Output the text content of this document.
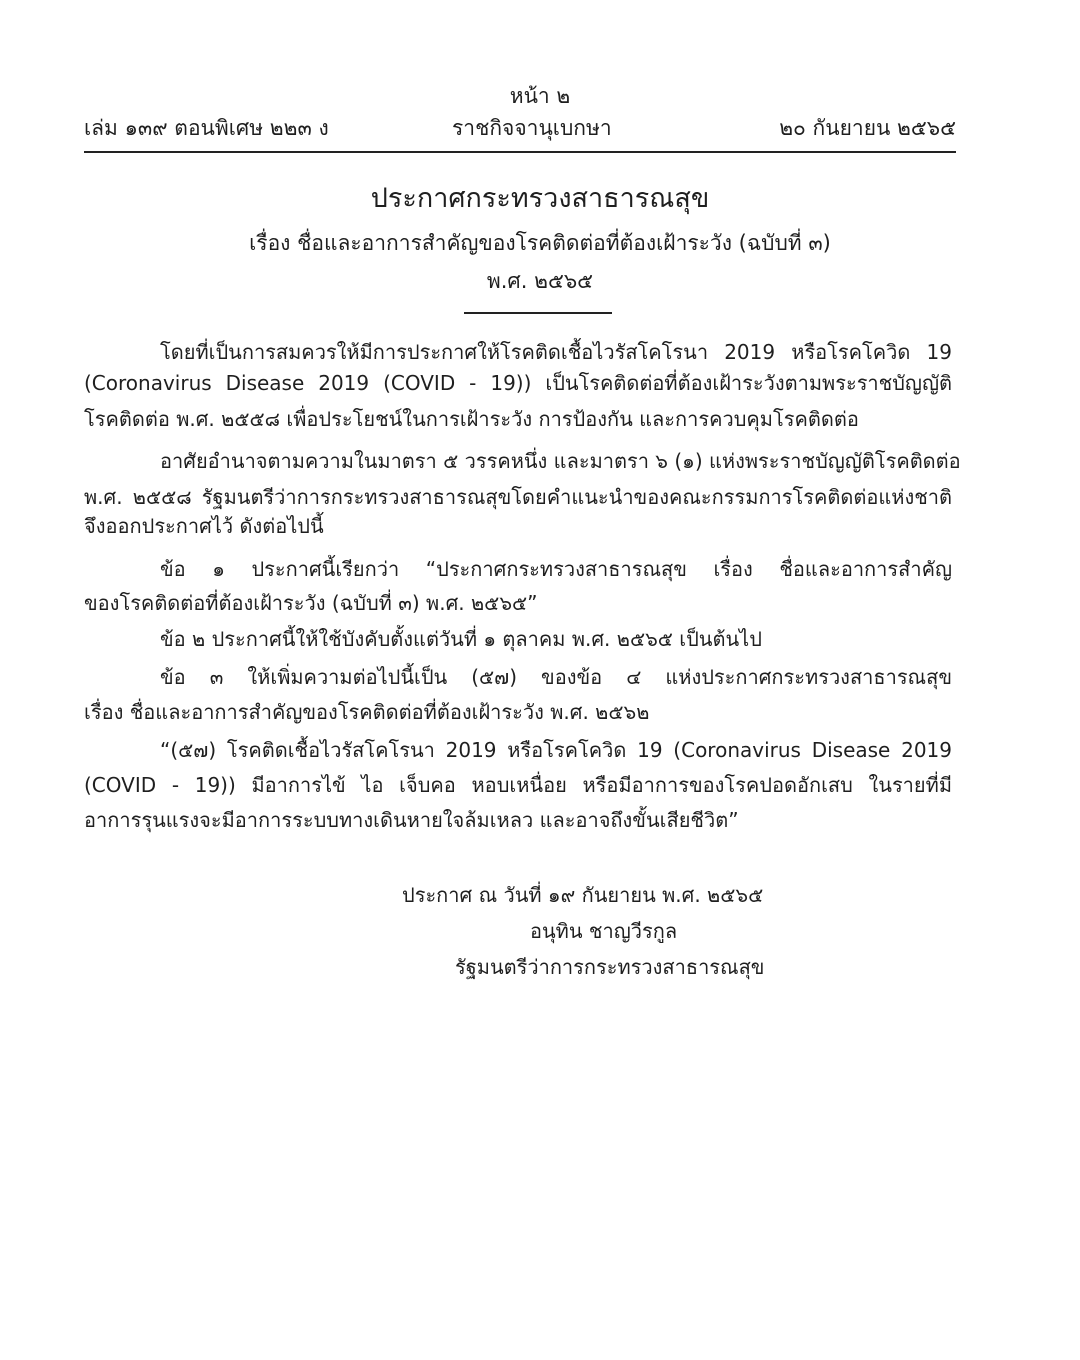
หน้า ๒
เล่ม ๑๓๙ ตอนพิเศษ ๒๒๓ ง	ราชกิจจานุเบกษา	๒๐ กันยายน ๒๕๖๕
ประกาศกระทรวงสาธารณสุข
เรื่อง ชื่อและอาการสำคัญของโรคติดต่อที่ต้องเฝ้าระวัง (ฉบับที่ ๓)
พ.ศ. ๒๕๖๕
โดยที่เป็นการสมควรให้มีการประกาศให้โรคติดเชื้อไวรัสโคโรนา 2019 หรือโรคโควิด 19
(Coronavirus Disease 2019 (COVID - 19)) เป็นโรคติดต่อที่ต้องเฝ้าระวังตามพระราชบัญญัติ
โรคติดต่อ พ.ศ. ๒๕๕๘ เพื่อประโยชน์ในการเฝ้าระวัง การป้องกัน และการควบคุมโรคติดต่อ
อาศัยอำนาจตามความในมาตรา ๕ วรรคหนึ่ง และมาตรา ๖ (๑) แห่งพระราชบัญญัติโรคติดต่อ
พ.ศ. ๒๕๕๘ รัฐมนตรีว่าการกระทรวงสาธารณสุขโดยคำแนะนำของคณะกรรมการโรคติดต่อแห่งชาติ
จึงออกประกาศไว้ ดังต่อไปนี้
ข้อ ๑ ประกาศนี้เรียกว่า “ประกาศกระทรวงสาธารณสุข เรื่อง ชื่อและอาการสำคัญ
ของโรคติดต่อที่ต้องเฝ้าระวัง (ฉบับที่ ๓) พ.ศ. ๒๕๖๕”
ข้อ ๒ ประกาศนี้ให้ใช้บังคับตั้งแต่วันที่ ๑ ตุลาคม พ.ศ. ๒๕๖๕ เป็นต้นไป
ข้อ ๓ ให้เพิ่มความต่อไปนี้เป็น (๕๗) ของข้อ ๔ แห่งประกาศกระทรวงสาธารณสุข
เรื่อง ชื่อและอาการสำคัญของโรคติดต่อที่ต้องเฝ้าระวัง พ.ศ. ๒๕๖๒
“(๕๗) โรคติดเชื้อไวรัสโคโรนา 2019 หรือโรคโควิด 19 (Coronavirus Disease 2019
(COVID - 19)) มีอาการไข้ ไอ เจ็บคอ หอบเหนื่อย หรือมีอาการของโรคปอดอักเสบ ในรายที่มี
อาการรุนแรงจะมีอาการระบบทางเดินหายใจล้มเหลว และอาจถึงขั้นเสียชีวิต”
ประกาศ ณ วันที่ ๑๙ กันยายน พ.ศ. ๒๕๖๕
อนุทิน ชาญวีรกูล
รัฐมนตรีว่าการกระทรวงสาธารณสุข
